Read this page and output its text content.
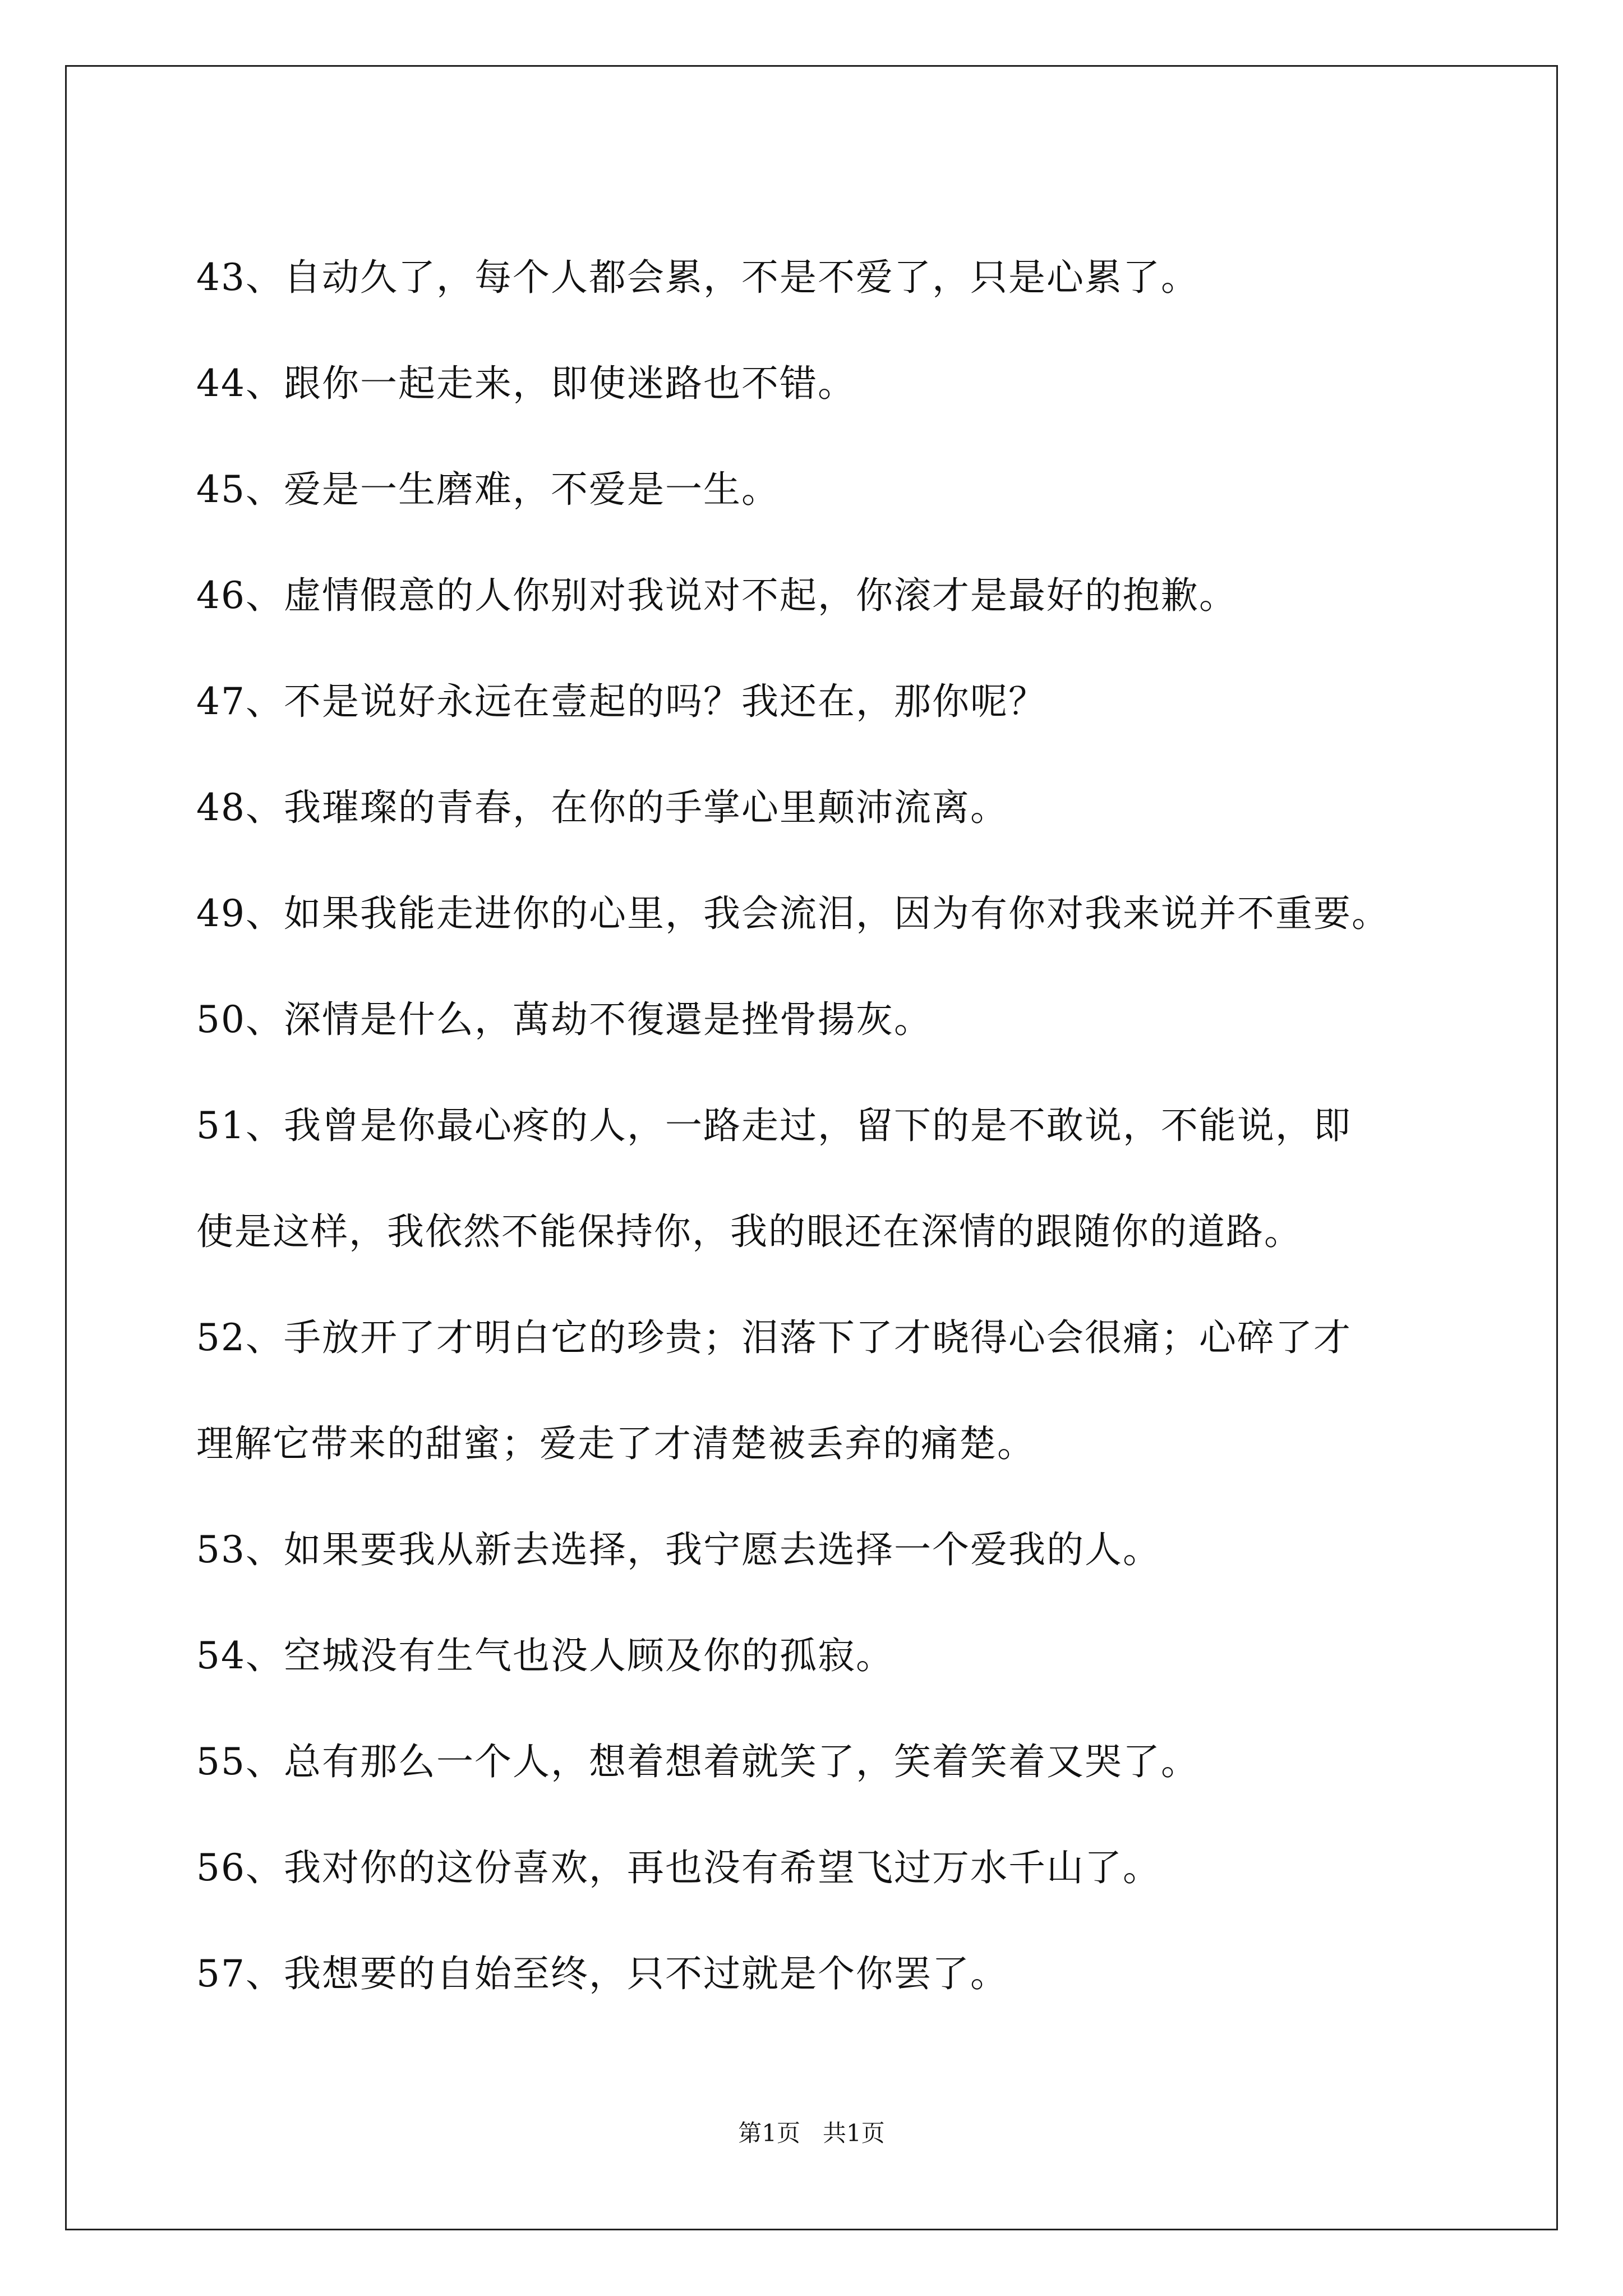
43、自动久了，每个人都会累，不是不爱了，只是心累了。
44、跟你一起走来，即使迷路也不错。
45、爱是一生磨难，不爱是一生。
46、虚情假意的人你别对我说对不起，你滚才是最好的抱歉。
47、不是说好永远在壹起的吗？我还在，那你呢？
48、我璀璨的青春，在你的手掌心里颠沛流离。
49、如果我能走进你的心里，我会流泪，因为有你对我来说并不重要。
50、深情是什么，萬劫不復還是挫骨揚灰。
51、我曾是你最心疼的人，一路走过，留下的是不敢说，不能说，即
使是这样，我依然不能保持你，我的眼还在深情的跟随你的道路。
52、手放开了才明白它的珍贵；泪落下了才晓得心会很痛；心碎了才
理解它带来的甜蜜；爱走了才清楚被丢弃的痛楚。
53、如果要我从新去选择，我宁愿去选择一个爱我的人。
54、空城没有生气也没人顾及你的孤寂。
55、总有那么一个人，想着想着就笑了，笑着笑着又哭了。
56、我对你的这份喜欢，再也没有希望飞过万水千山了。
57、我想要的自始至终，只不过就是个你罢了。
第1页   共1页
